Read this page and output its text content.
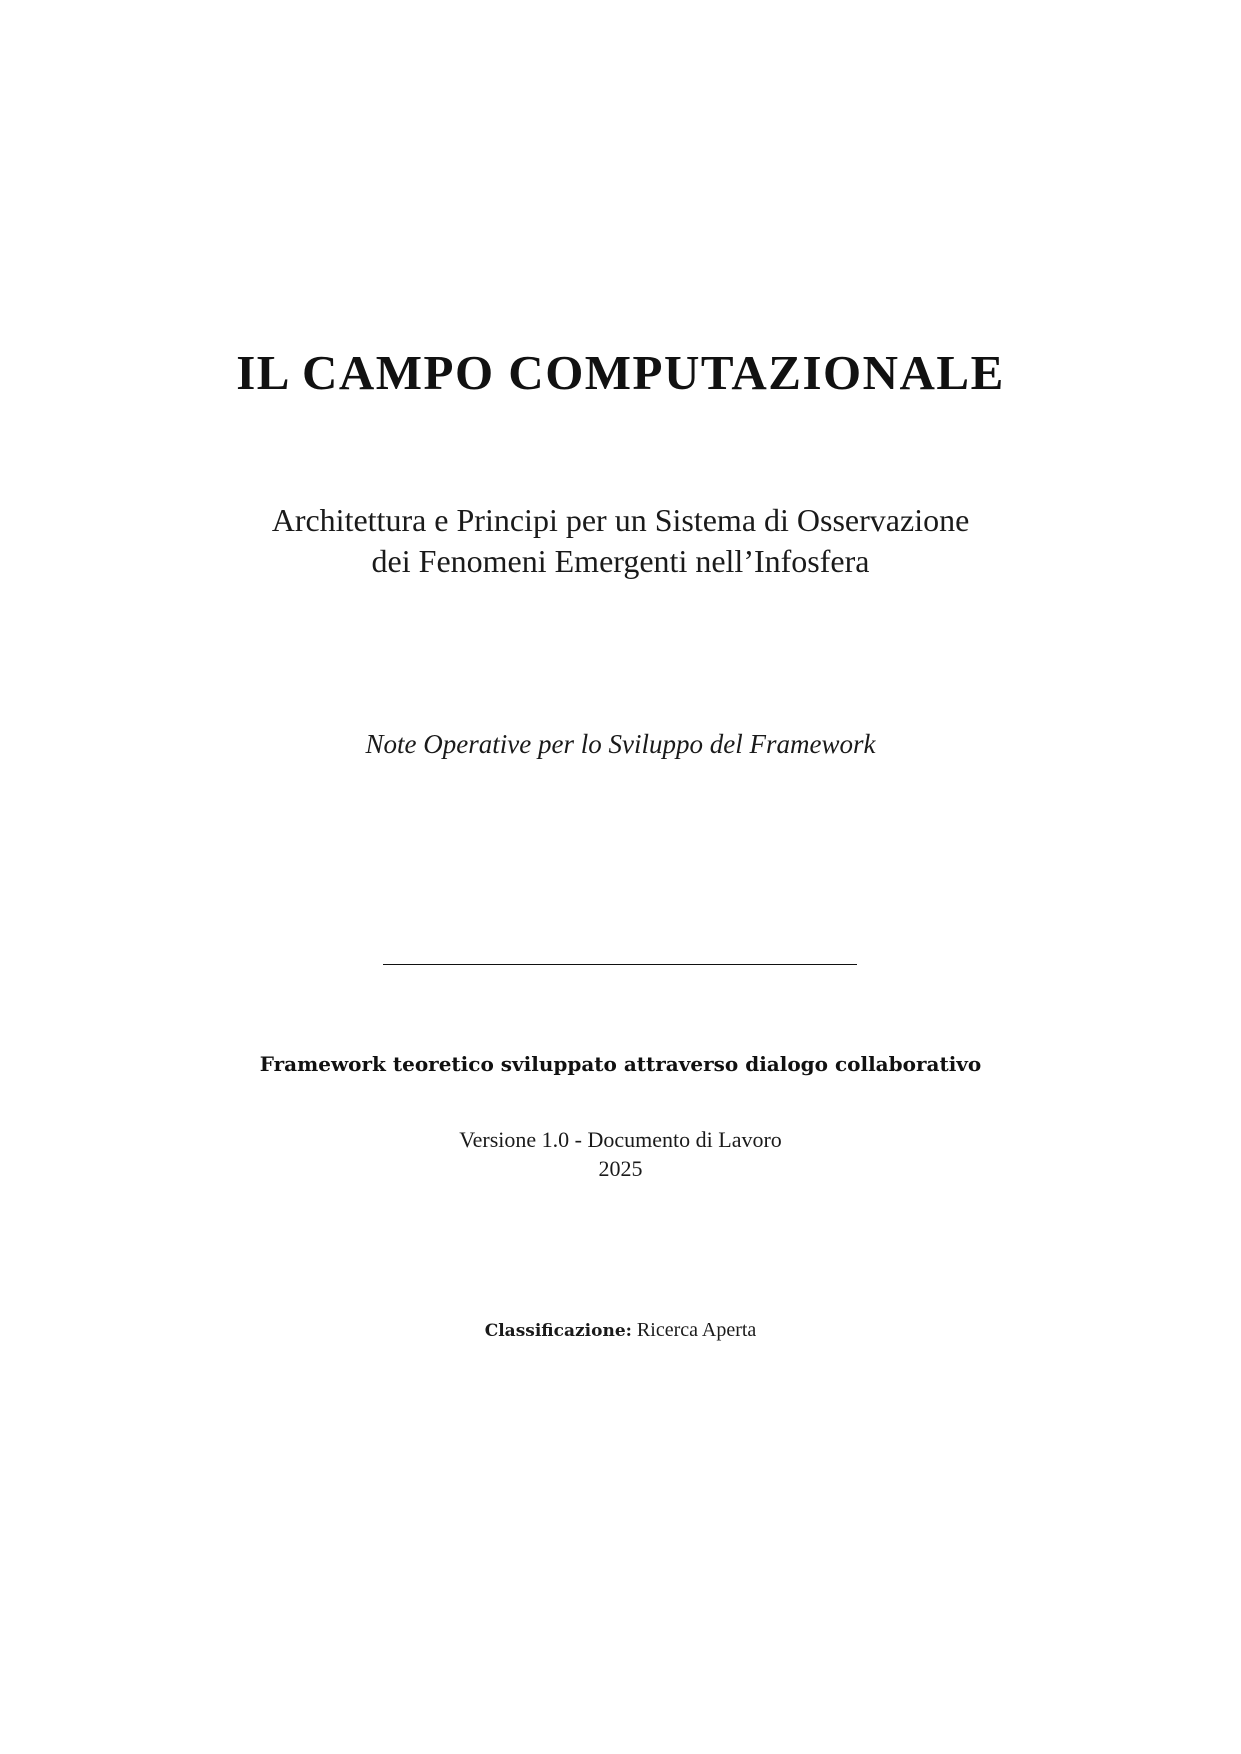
IL CAMPO COMPUTAZIONALE
Architettura e Principi per un Sistema di Osservazione
dei Fenomeni Emergenti nell’Infosfera
Note Operative per lo Sviluppo del Framework
Framework teoretico sviluppato attraverso dialogo collaborativo
Versione 1.0 - Documento di Lavoro
2025
Classificazione: Ricerca Aperta
